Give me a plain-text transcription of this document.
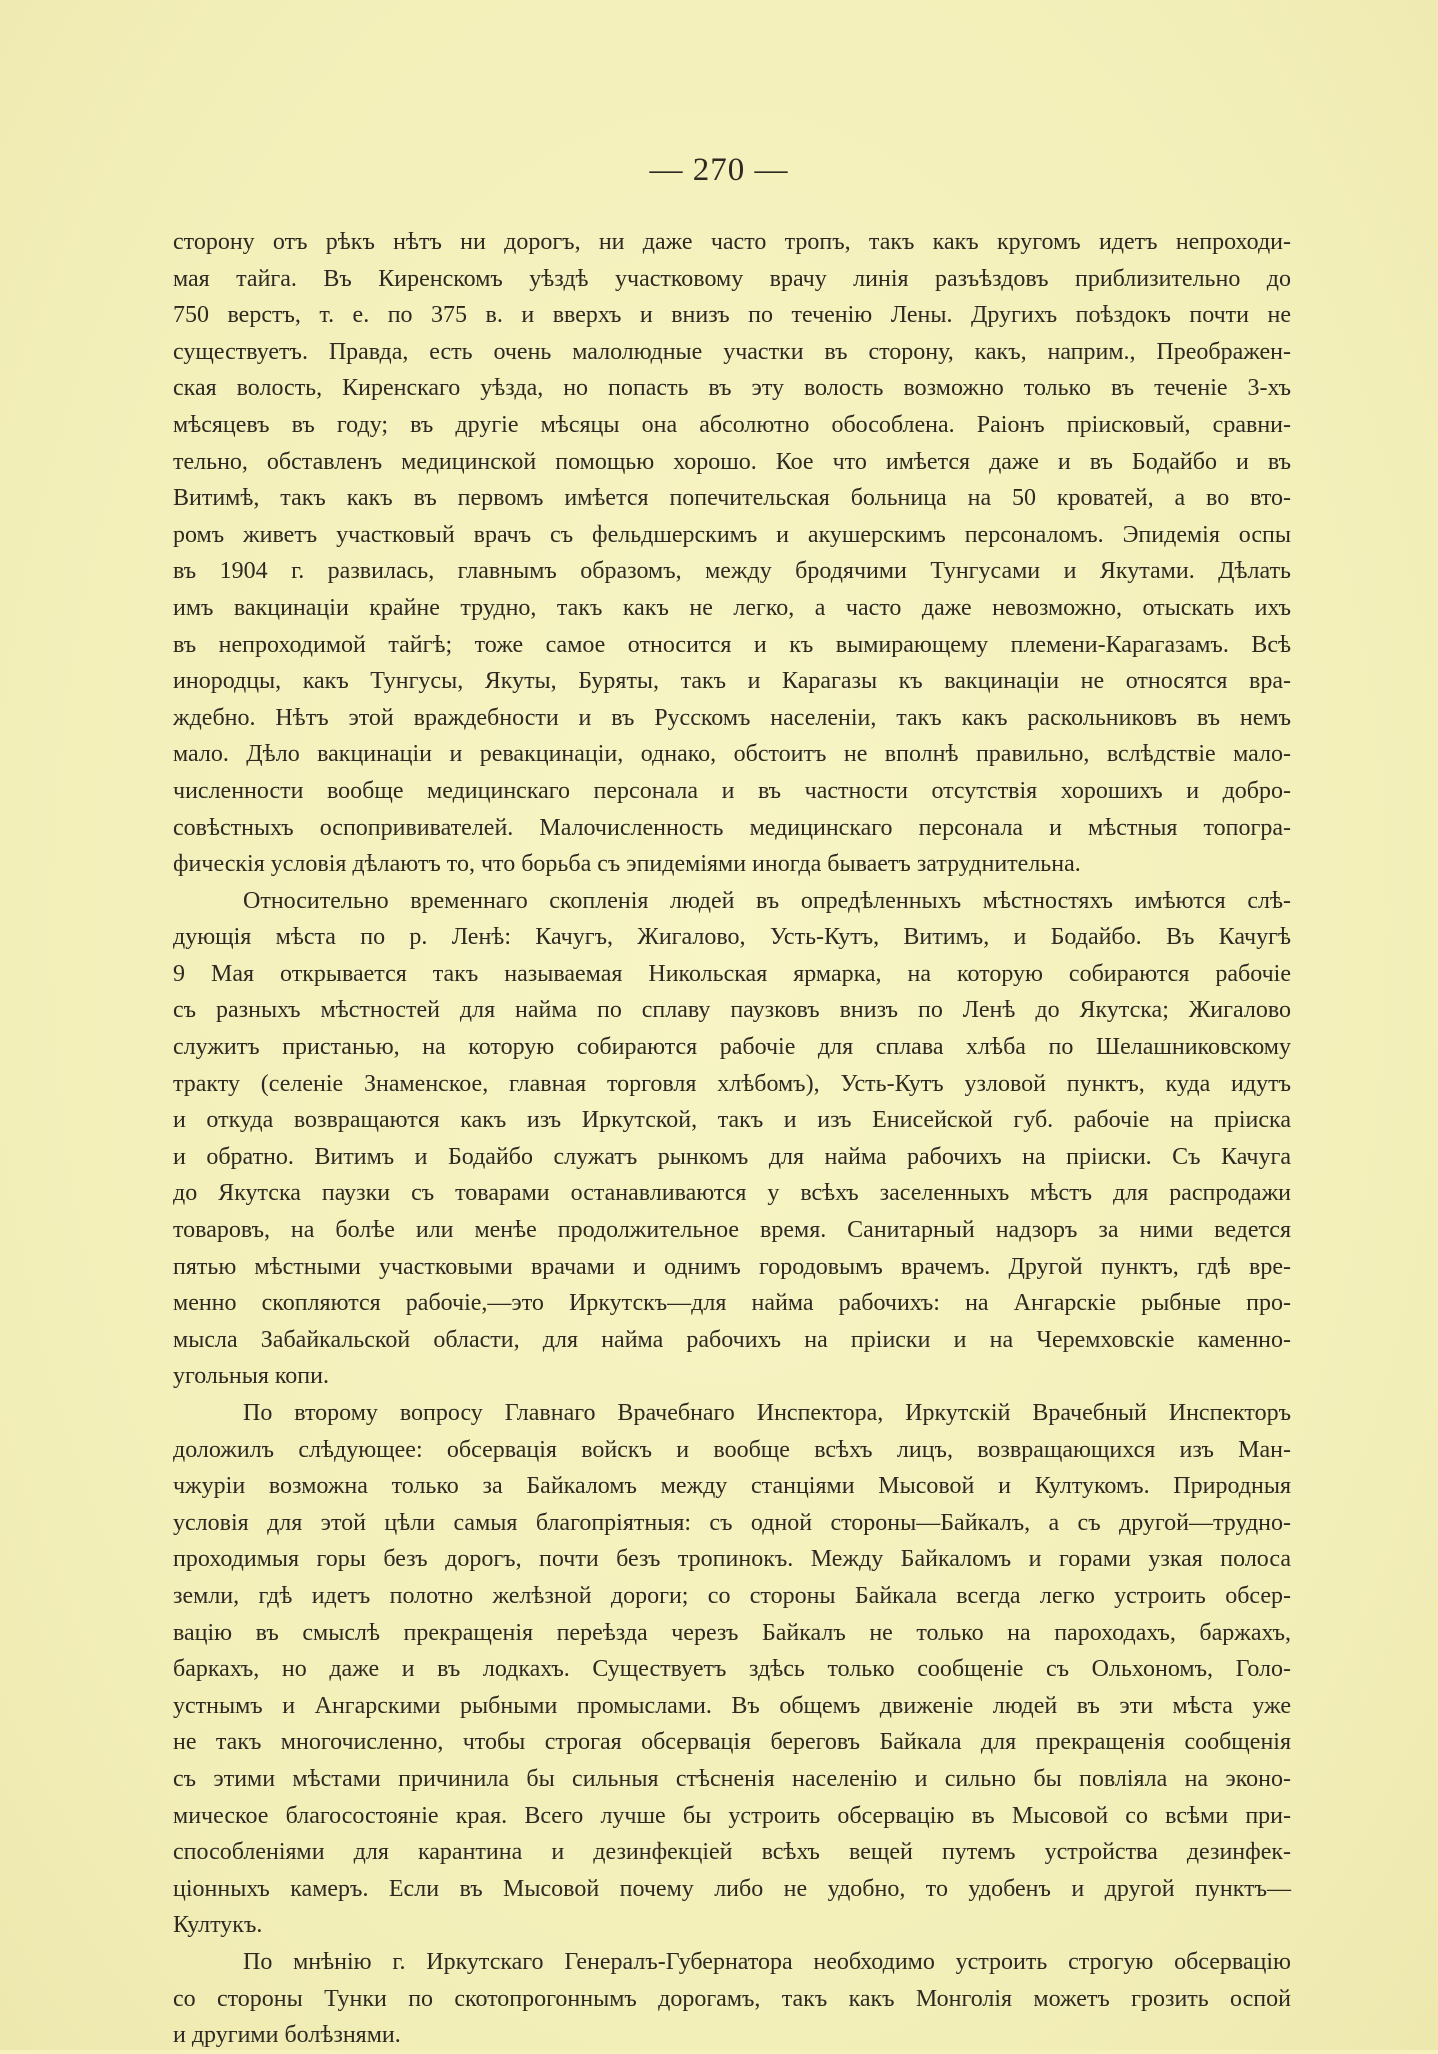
— 270 —
сторону отъ рѣкъ нѣтъ ни дорогъ, ни даже часто тропъ, такъ какъ кругомъ идетъ непроходи-
мая тайга. Въ Киренскомъ уѣздѣ участковому врачу линія разъѣздовъ приблизительно до
750 верстъ, т. е. по 375 в. и вверхъ и внизъ по теченію Лены. Другихъ поѣздокъ почти не
существуетъ. Правда, есть очень малолюдные участки въ сторону, какъ, наприм., Преображен-
ская волость, Киренскаго уѣзда, но попасть въ эту волость возможно только въ теченіе 3-хъ
мѣсяцевъ въ году; въ другіе мѣсяцы она абсолютно обособлена. Раіонъ пріисковый, сравни-
тельно, обставленъ медицинской помощью хорошо. Кое что имѣется даже и въ Бодайбо и въ
Витимѣ, такъ какъ въ первомъ имѣется попечительская больница на 50 кроватей, а во вто-
ромъ живетъ участковый врачъ съ фельдшерскимъ и акушерскимъ персоналомъ. Эпидемія оспы
въ 1904 г. развилась, главнымъ образомъ, между бродячими Тунгусами и Якутами. Дѣлать
имъ вакцинаціи крайне трудно, такъ какъ не легко, а часто даже невозможно, отыскать ихъ
въ непроходимой тайгѣ; тоже самое относится и къ вымирающему племени-Карагазамъ. Всѣ
инородцы, какъ Тунгусы, Якуты, Буряты, такъ и Карагазы къ вакцинаціи не относятся вра-
ждебно. Нѣтъ этой враждебности и въ Русскомъ населеніи, такъ какъ раскольниковъ въ немъ
мало. Дѣло вакцинаціи и ревакцинаціи, однако, обстоитъ не вполнѣ правильно, вслѣдствіе мало-
численности вообще медицинскаго персонала и въ частности отсутствія хорошихъ и добро-
совѣстныхъ оспопрививателей. Малочисленность медицинскаго персонала и мѣстныя топогра-
фическія условія дѣлаютъ то, что борьба съ эпидеміями иногда бываетъ затруднительна.
Относительно временнаго скопленія людей въ опредѣленныхъ мѣстностяхъ имѣются слѣ-
дующія мѣста по р. Ленѣ: Качугъ, Жигалово, Усть-Кутъ, Витимъ, и Бодайбо. Въ Качугѣ
9 Мая открывается такъ называемая Никольская ярмарка, на которую собираются рабочіе
съ разныхъ мѣстностей для найма по сплаву паузковъ внизъ по Ленѣ до Якутска; Жигалово
служитъ пристанью, на которую собираются рабочіе для сплава хлѣба по Шелашниковскому
тракту (селеніе Знаменское, главная торговля хлѣбомъ), Усть-Кутъ узловой пунктъ, куда идутъ
и откуда возвращаются какъ изъ Иркутской, такъ и изъ Енисейской губ. рабочіе на пріиска
и обратно. Витимъ и Бодайбо служатъ рынкомъ для найма рабочихъ на пріиски. Съ Качуга
до Якутска паузки съ товарами останавливаются у всѣхъ заселенныхъ мѣстъ для распродажи
товаровъ, на болѣе или менѣе продолжительное время. Санитарный надзоръ за ними ведется
пятью мѣстными участковыми врачами и однимъ городовымъ врачемъ. Другой пунктъ, гдѣ вре-
менно скопляются рабочіе,—это Иркутскъ—для найма рабочихъ: на Ангарскіе рыбные про-
мысла Забайкальской области, для найма рабочихъ на пріиски и на Черемховскіе каменно-
угольныя копи.
По второму вопросу Главнаго Врачебнаго Инспектора, Иркутскій Врачебный Инспекторъ
доложилъ слѣдующее: обсервація войскъ и вообще всѣхъ лицъ, возвращающихся изъ Ман-
чжуріи возможна только за Байкаломъ между станціями Мысовой и Култукомъ. Природныя
условія для этой цѣли самыя благопріятныя: съ одной стороны—Байкалъ, а съ другой—трудно-
проходимыя горы безъ дорогъ, почти безъ тропинокъ. Между Байкаломъ и горами узкая полоса
земли, гдѣ идетъ полотно желѣзной дороги; со стороны Байкала всегда легко устроить обсер-
вацію въ смыслѣ прекращенія переѣзда черезъ Байкалъ не только на пароходахъ, баржахъ,
баркахъ, но даже и въ лодкахъ. Существуетъ здѣсь только сообщеніе съ Ольхономъ, Голо-
устнымъ и Ангарскими рыбными промыслами. Въ общемъ движеніе людей въ эти мѣста уже
не такъ многочисленно, чтобы строгая обсервація береговъ Байкала для прекращенія сообщенія
съ этими мѣстами причинила бы сильныя стѣсненія населенію и сильно бы повліяла на эконо-
мическое благосостояніе края. Всего лучше бы устроить обсервацію въ Мысовой со всѣми при-
способленіями для карантина и дезинфекціей всѣхъ вещей путемъ устройства дезинфек-
ціонныхъ камеръ. Если въ Мысовой почему либо не удобно, то удобенъ и другой пунктъ—
Култукъ.
По мнѣнію г. Иркутскаго Генералъ-Губернатора необходимо устроить строгую обсервацію
со стороны Тунки по скотопрогоннымъ дорогамъ, такъ какъ Монголія можетъ грозить оспой
и другими болѣзнями.
